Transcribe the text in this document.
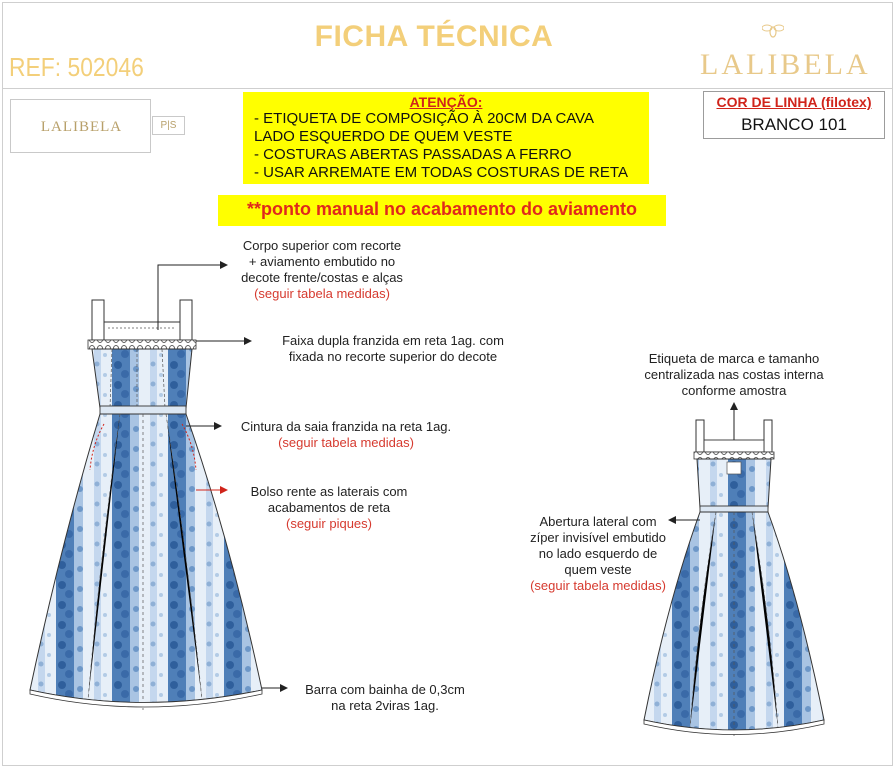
FICHA TÉCNICA
REF: 502046	LALIBELA
LALIBELA	P|S
ATENÇÃO:
- ETIQUETA DE COMPOSIÇÃO À 20CM DA CAVA
LADO ESQUERDO DE QUEM VESTE
- COSTURAS ABERTAS PASSADAS A FERRO
- USAR ARREMATE EM TODAS COSTURAS DE RETA
**ponto manual no acabamento do aviamento
COR DE LINHA (filotex)
BRANCO 101
Corpo superior com recorte
+ aviamento embutido no
decote frente/costas e alças
(seguir tabela medidas)
Faixa dupla franzida em reta 1ag. com
fixada no recorte superior do decote
Cintura da saia franzida na reta 1ag.
(seguir tabela medidas)
Bolso rente as laterais com
acabamentos de reta
(seguir piques)
Barra com bainha de 0,3cm
na reta 2viras 1ag.
Etiqueta de marca e tamanho
centralizada nas costas interna
conforme amostra
Abertura lateral com
zíper invisível embutido
no lado esquerdo de
quem veste
(seguir tabela medidas)
